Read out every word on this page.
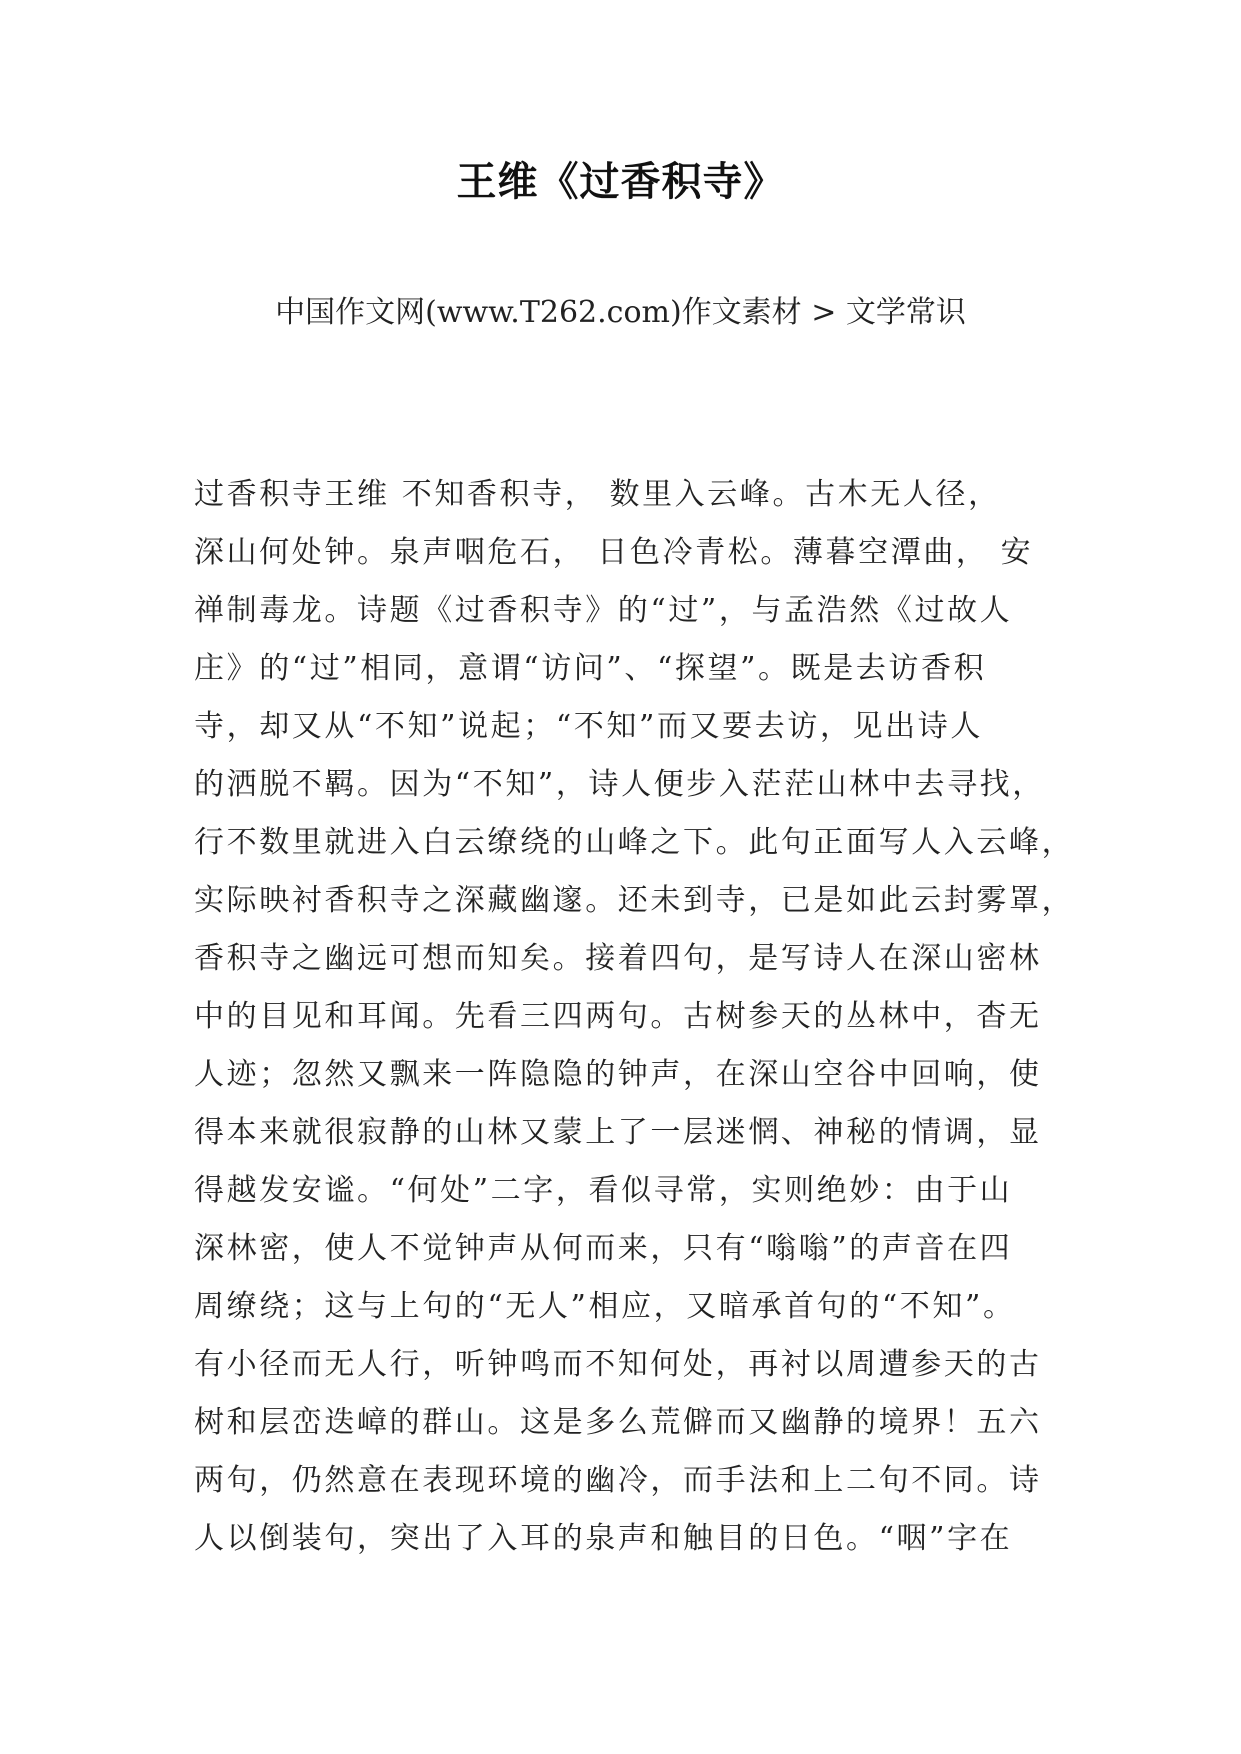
王维《过香积寺》
中国作文网(www.T262.com)作文素材 > 文学常识
过香积寺王维 不知香积寺， 数里入云峰。古木无人径，
深山何处钟。泉声咽危石， 日色冷青松。薄暮空潭曲， 安
禅制毒龙。诗题《过香积寺》的“过”，与孟浩然《过故人
庄》的“过”相同，意谓“访问”、“探望”。既是去访香积
寺，却又从“不知”说起；“不知”而又要去访，见出诗人
的洒脱不羁。因为“不知”，诗人便步入茫茫山林中去寻找，
行不数里就进入白云缭绕的山峰之下。此句正面写人入云峰，
实际映衬香积寺之深藏幽邃。还未到寺，已是如此云封雾罩，
香积寺之幽远可想而知矣。接着四句，是写诗人在深山密林
中的目见和耳闻。先看三四两句。古树参天的丛林中，杳无
人迹；忽然又飘来一阵隐隐的钟声，在深山空谷中回响，使
得本来就很寂静的山林又蒙上了一层迷惘、神秘的情调，显
得越发安谧。“何处”二字，看似寻常，实则绝妙：由于山
深林密，使人不觉钟声从何而来，只有“嗡嗡”的声音在四
周缭绕；这与上句的“无人”相应，又暗承首句的“不知”。
有小径而无人行，听钟鸣而不知何处，再衬以周遭参天的古
树和层峦迭嶂的群山。这是多么荒僻而又幽静的境界！五六
两句，仍然意在表现环境的幽冷，而手法和上二句不同。诗
人以倒装句，突出了入耳的泉声和触目的日色。“咽”字在
